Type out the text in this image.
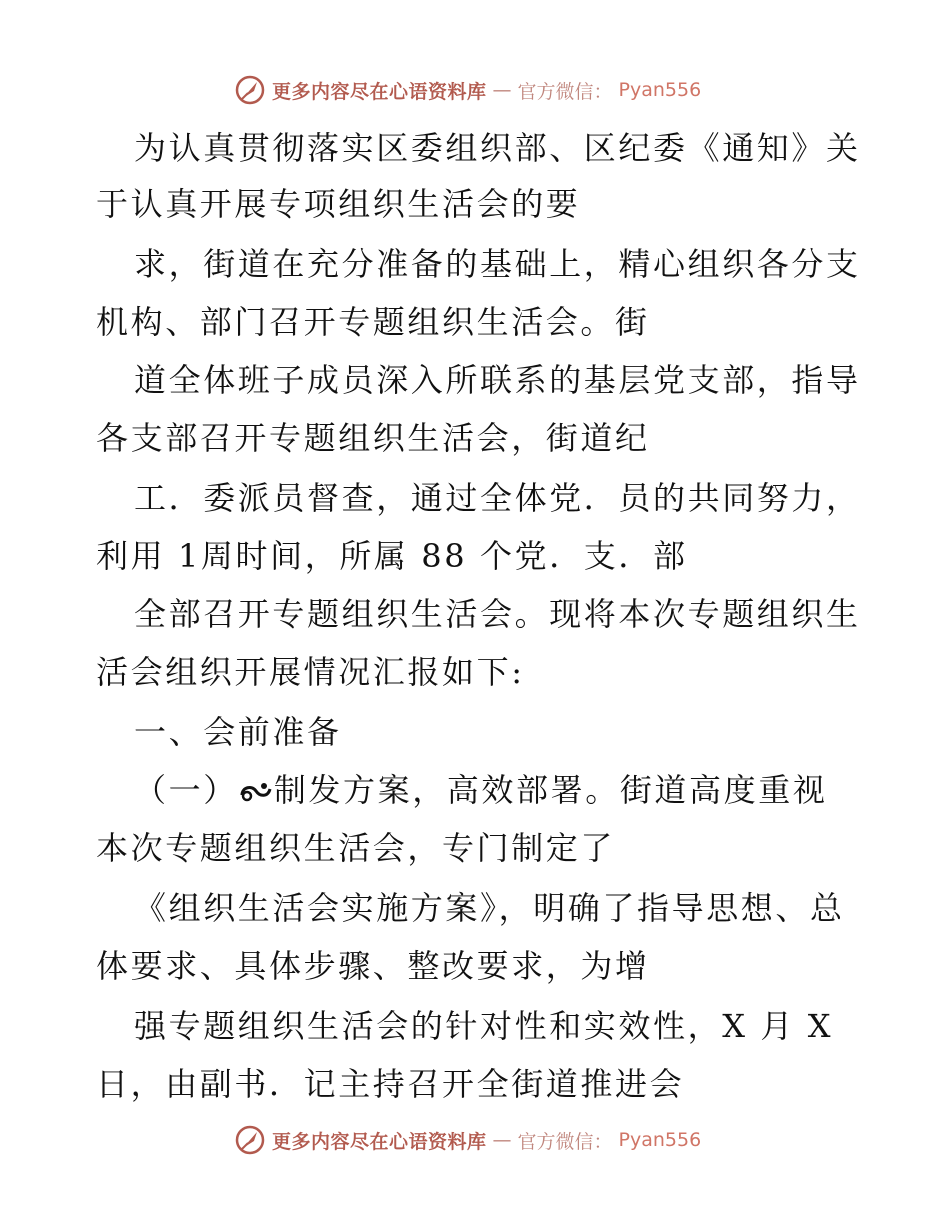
更多内容尽在心语资料库 — 官方微信： Pyan556
为认真贯彻落实区委组织部、区纪委《通知》关
于认真开展专项组织生活会的要
求，街道在充分准备的基础上，精心组织各分支
机构、部门召开专题组织生活会。街
道全体班子成员深入所联系的基层党支部，指导
各支部召开专题组织生活会，街道纪
工．委派员督查，通过全体党．员的共同努力，
利用 1周时间，所属 88 个党．支．部
全部召开专题组织生活会。现将本次专题组织生
活会组织开展情况汇报如下:
一、会前准备
（一） 制发方案，高效部署。街道高度重视
本次专题组织生活会，专门制定了
《组织生活会实施方案》，明确了指导思想、总
体要求、具体步骤、整改要求，为增
强专题组织生活会的针对性和实效性，X 月 X
日，由副书．记主持召开全街道推进会
更多内容尽在心语资料库 — 官方微信： Pyan556
